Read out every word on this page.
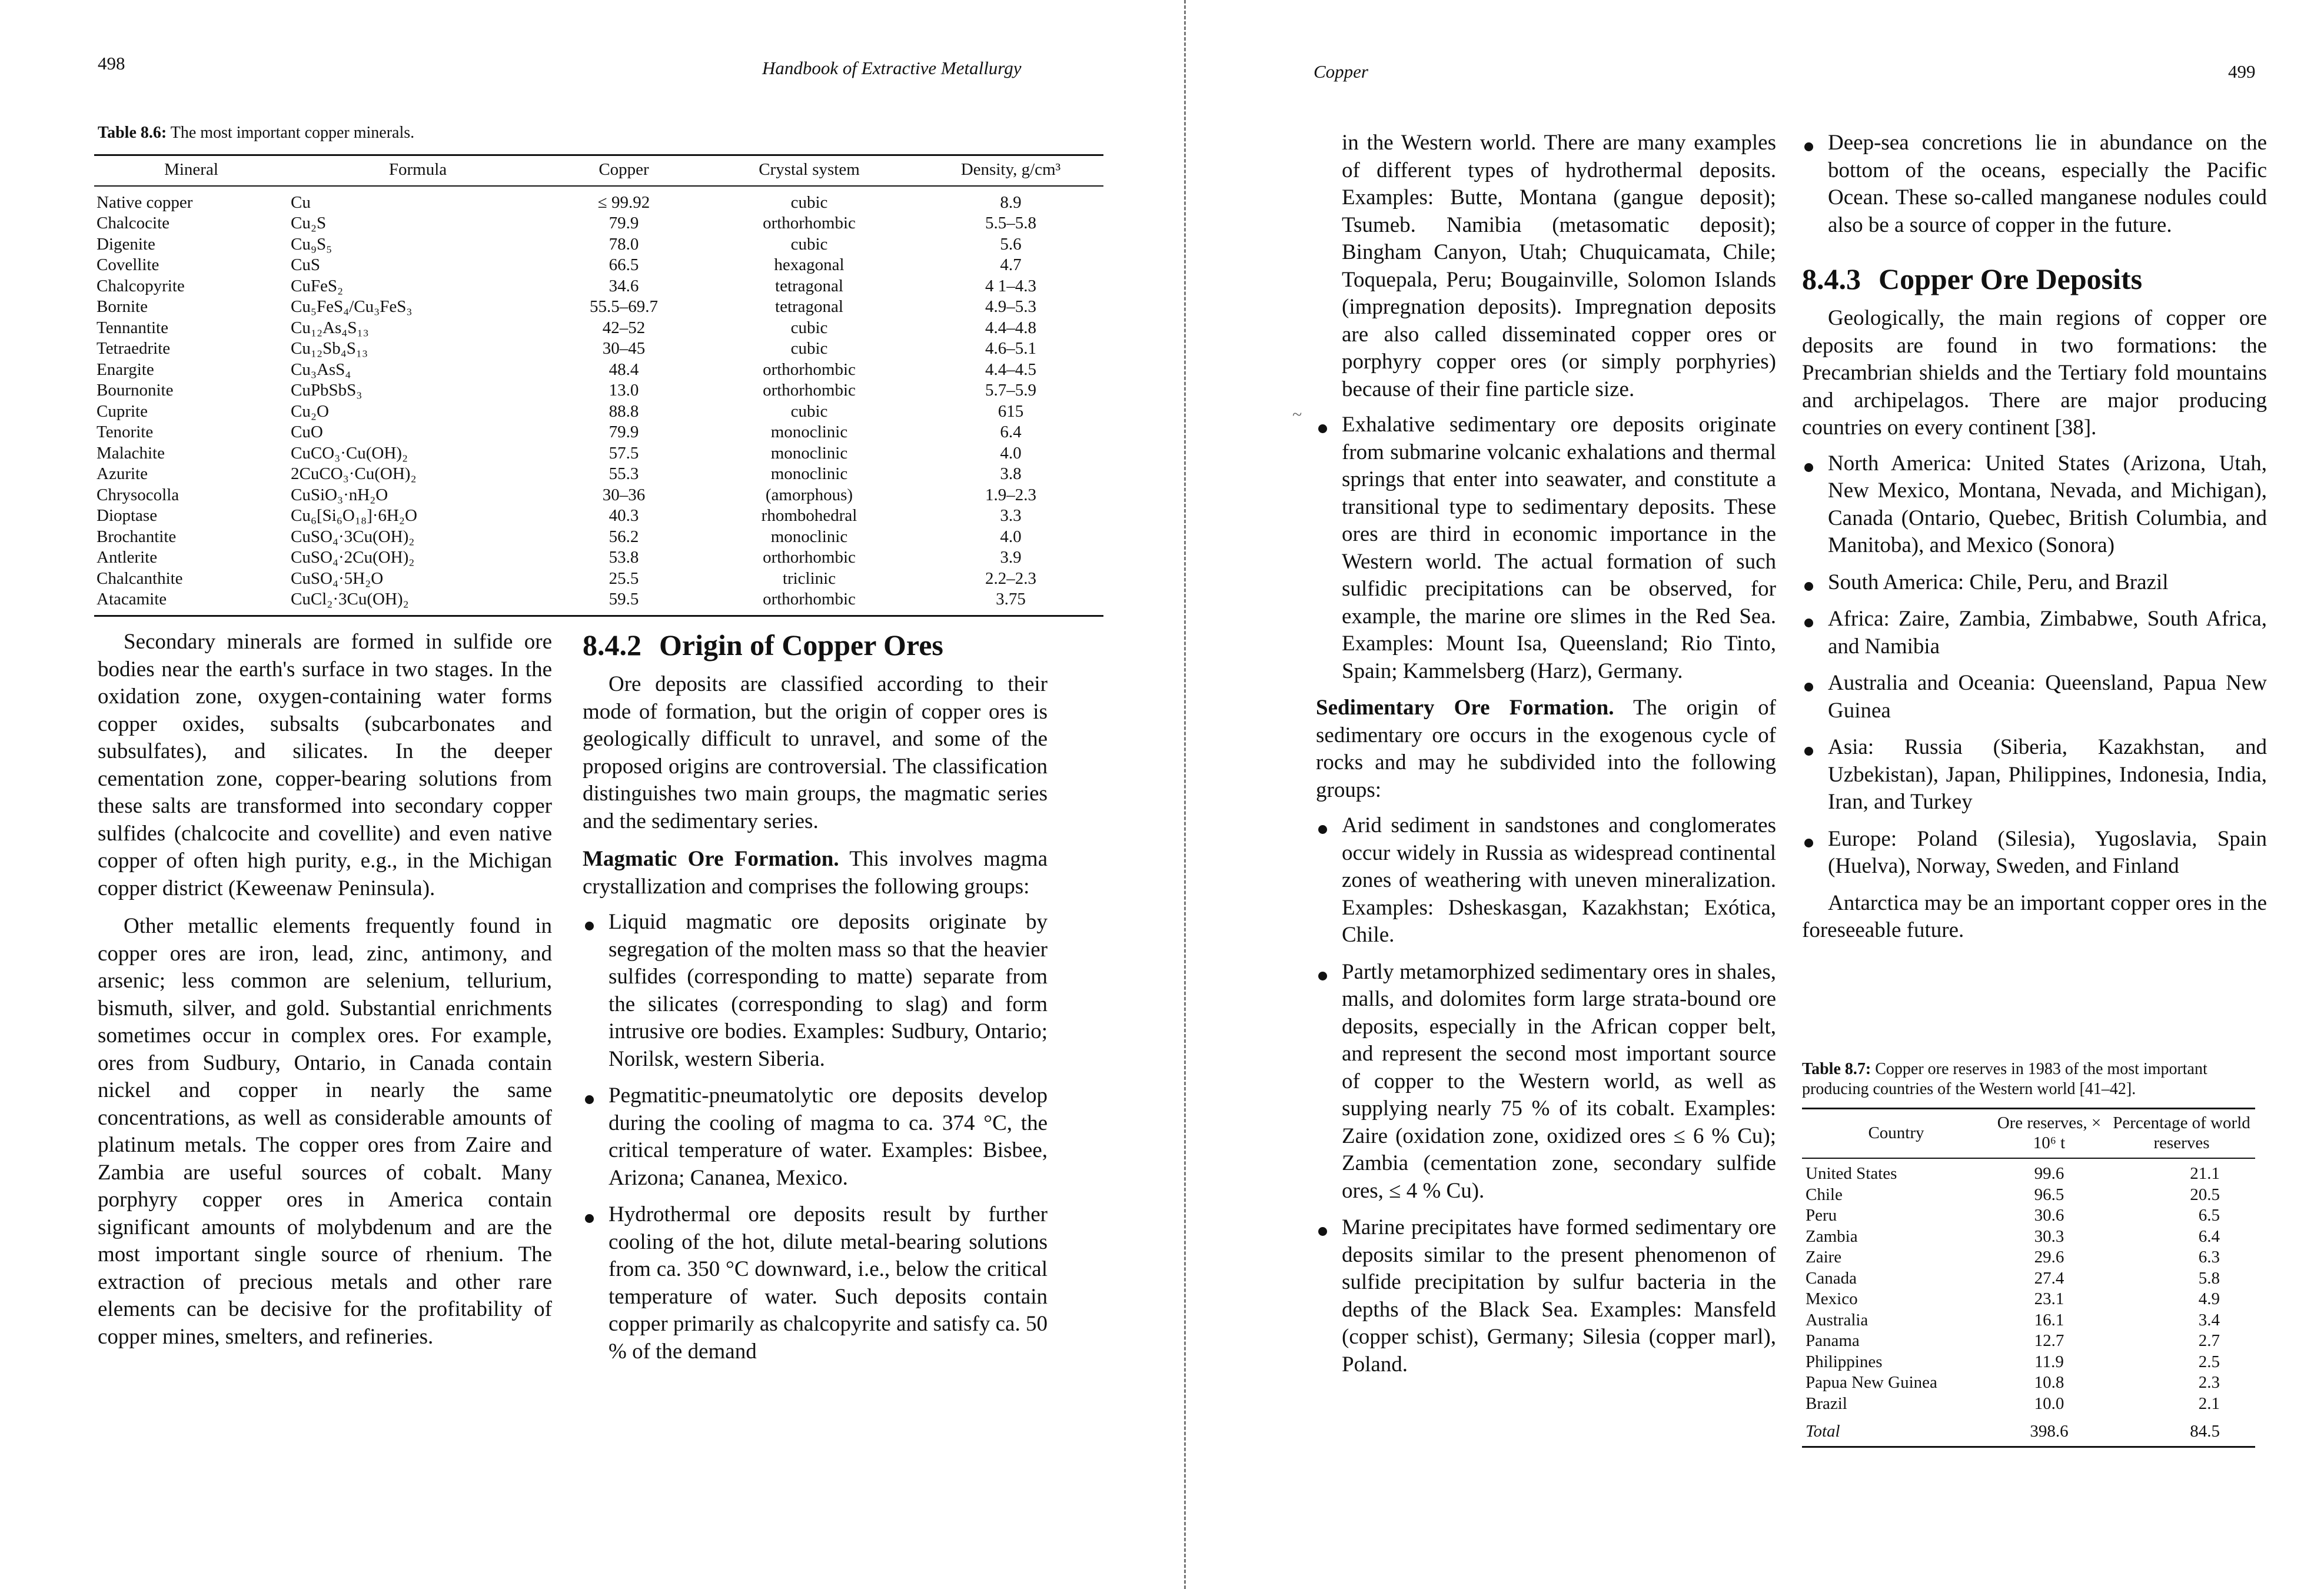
498	Handbook of Extractive Metallurgy
Table 8.6: The most important copper minerals.
Mineral	Formula	Copper	Crystal system	Density, g/cm³
Native copper	Cu	≤ 99.92	cubic	8.9
Chalcocite	Cu₂S	79.9	orthorhombic	5.5–5.8
Digenite	Cu₉S₅	78.0	cubic	5.6
Covellite	CuS	66.5	hexagonal	4.7
Chalcopyrite	CuFeS₂	34.6	tetragonal	4 1–4.3
Bornite	Cu₅FeS₄/Cu₃FeS₃	55.5–69.7	tetragonal	4.9–5.3
Tennantite	Cu₁₂As₄S₁₃	42–52	cubic	4.4–4.8
Tetraedrite	Cu₁₂Sb₄S₁₃	30–45	cubic	4.6–5.1
Enargite	Cu₃AsS₄	48.4	orthorhombic	4.4–4.5
Bournonite	CuPbSbS₃	13.0	orthorhombic	5.7–5.9
Cuprite	Cu₂O	88.8	cubic	615
Tenorite	CuO	79.9	monoclinic	6.4
Malachite	CuCO₃·Cu(OH)₂	57.5	monoclinic	4.0
Azurite	2CuCO₃·Cu(OH)₂	55.3	monoclinic	3.8
Chrysocolla	CuSiO₃·nH₂O	30–36	(amorphous)	1.9–2.3
Dioptase	Cu₆[Si₆O₁₈]·6H₂O	40.3	rhombohedral	3.3
Brochantite	CuSO₄·3Cu(OH)₂	56.2	monoclinic	4.0
Antlerite	CuSO₄·2Cu(OH)₂	53.8	orthorhombic	3.9
Chalcanthite	CuSO₄·5H₂O	25.5	triclinic	2.2–2.3
Atacamite	CuCl₂·3Cu(OH)₂	59.5	orthorhombic	3.75

Secondary minerals are formed in sulfide ore bodies near the earth's surface in two stages. In the oxidation zone, oxygen-containing water forms copper oxides, subsalts (subcarbonates and subsulfates), and silicates. In the deeper cementation zone, copper-bearing solutions from these salts are transformed into secondary copper sulfides (chalcocite and covellite) and even native copper of often high purity, e.g., in the Michigan copper district (Keweenaw Peninsula).

Other metallic elements frequently found in copper ores are iron, lead, zinc, antimony, and arsenic; less common are selenium, tellurium, bismuth, silver, and gold. Substantial enrichments sometimes occur in complex ores. For example, ores from Sudbury, Ontario, in Canada contain nickel and copper in nearly the same concentrations, as well as considerable amounts of platinum metals. The copper ores from Zaire and Zambia are useful sources of cobalt. Many porphyry copper ores in America contain significant amounts of molybdenum and are the most important single source of rhenium. The extraction of precious metals and other rare elements can be decisive for the profitability of copper mines, smelters, and refineries.

8.4.2 Origin of Copper Ores

Ore deposits are classified according to their mode of formation, but the origin of copper ores is geologically difficult to unravel, and some of the proposed origins are controversial. The classification distinguishes two main groups, the magmatic series and the sedimentary series.

Magmatic Ore Formation. This involves magma crystallization and comprises the following groups:

Liquid magmatic ore deposits originate by segregation of the molten mass so that the heavier sulfides (corresponding to matte) separate from the silicates (corresponding to slag) and form intrusive ore bodies. Examples: Sudbury, Ontario; Norilsk, western Siberia.
Pegmatitic-pneumatolytic ore deposits develop during the cooling of magma to ca. 374 °C, the critical temperature of water. Examples: Bisbee, Arizona; Cananea, Mexico.
Hydrothermal ore deposits result by further cooling of the hot, dilute metal-bearing solutions from ca. 350 °C downward, i.e., below the critical temperature of water. Such deposits contain copper primarily as chalcopyrite and satisfy ca. 50 % of the demand
Copper	499
~

in the Western world. There are many examples of different types of hydrothermal deposits. Examples: Butte, Montana (gangue deposit); Tsumeb. Namibia (metasomatic deposit); Bingham Canyon, Utah; Chuquicamata, Chile; Toquepala, Peru; Bougainville, Solomon Islands (impregnation deposits). Impregnation deposits are also called disseminated copper ores or porphyry copper ores (or simply porphyries) because of their fine particle size.

Exhalative sedimentary ore deposits originate from submarine volcanic exhalations and thermal springs that enter into seawater, and constitute a transitional type to sedimentary deposits. These ores are third in economic importance in the Western world. The actual formation of such sulfidic precipitations can be observed, for example, the marine ore slimes in the Red Sea. Examples: Mount Isa, Queensland; Rio Tinto, Spain; Kammelsberg (Harz), Germany.

Sedimentary Ore Formation. The origin of sedimentary ore occurs in the exogenous cycle of rocks and may he subdivided into the following groups:

Arid sediment in sandstones and conglomerates occur widely in Russia as widespread continental zones of weathering with uneven mineralization. Examples: Dsheskasgan, Kazakhstan; Exótica, Chile.
Partly metamorphized sedimentary ores in shales, malls, and dolomites form large strata-bound ore deposits, especially in the African copper belt, and represent the second most important source of copper to the Western world, as well as supplying nearly 75 % of its cobalt. Examples: Zaire (oxidation zone, oxidized ores ≤ 6 % Cu); Zambia (cementation zone, secondary sulfide ores, ≤ 4 % Cu).
Marine precipitates have formed sedimentary ore deposits similar to the present phenomenon of sulfide precipitation by sulfur bacteria in the depths of the Black Sea. Examples: Mansfeld (copper schist), Germany; Silesia (copper marl), Poland.
Deep-sea concretions lie in abundance on the bottom of the oceans, especially the Pacific Ocean. These so-called manganese nodules could also be a source of copper in the future.
8.4.3 Copper Ore Deposits

Geologically, the main regions of copper ore deposits are found in two formations: the Precambrian shields and the Tertiary fold mountains and archipelagos. There are major producing countries on every continent [38].

North America: United States (Arizona, Utah, New Mexico, Montana, Nevada, and Michigan), Canada (Ontario, Quebec, British Columbia, and Manitoba), and Mexico (Sonora)
South America: Chile, Peru, and Brazil
Africa: Zaire, Zambia, Zimbabwe, South Africa, and Namibia
Australia and Oceania: Queensland, Papua New Guinea
Asia: Russia (Siberia, Kazakhstan, and Uzbekistan), Japan, Philippines, Indonesia, India, Iran, and Turkey
Europe: Poland (Silesia), Yugoslavia, Spain (Huelva), Norway, Sweden, and Finland

Antarctica may be an important copper ores in the foreseeable future.

Table 8.7: Copper ore reserves in 1983 of the most important producing countries of the Western world [41–42].
Country	Ore reserves, × 10⁶ t	Percentage of world reserves
United States	99.6	21.1
Chile	96.5	20.5
Peru	30.6	6.5
Zambia	30.3	6.4
Zaire	29.6	6.3
Canada	27.4	5.8
Mexico	23.1	4.9
Australia	16.1	3.4
Panama	12.7	2.7
Philippines	11.9	2.5
Papua New Guinea	10.8	2.3
Brazil	10.0	2.1
Total	398.6	84.5
